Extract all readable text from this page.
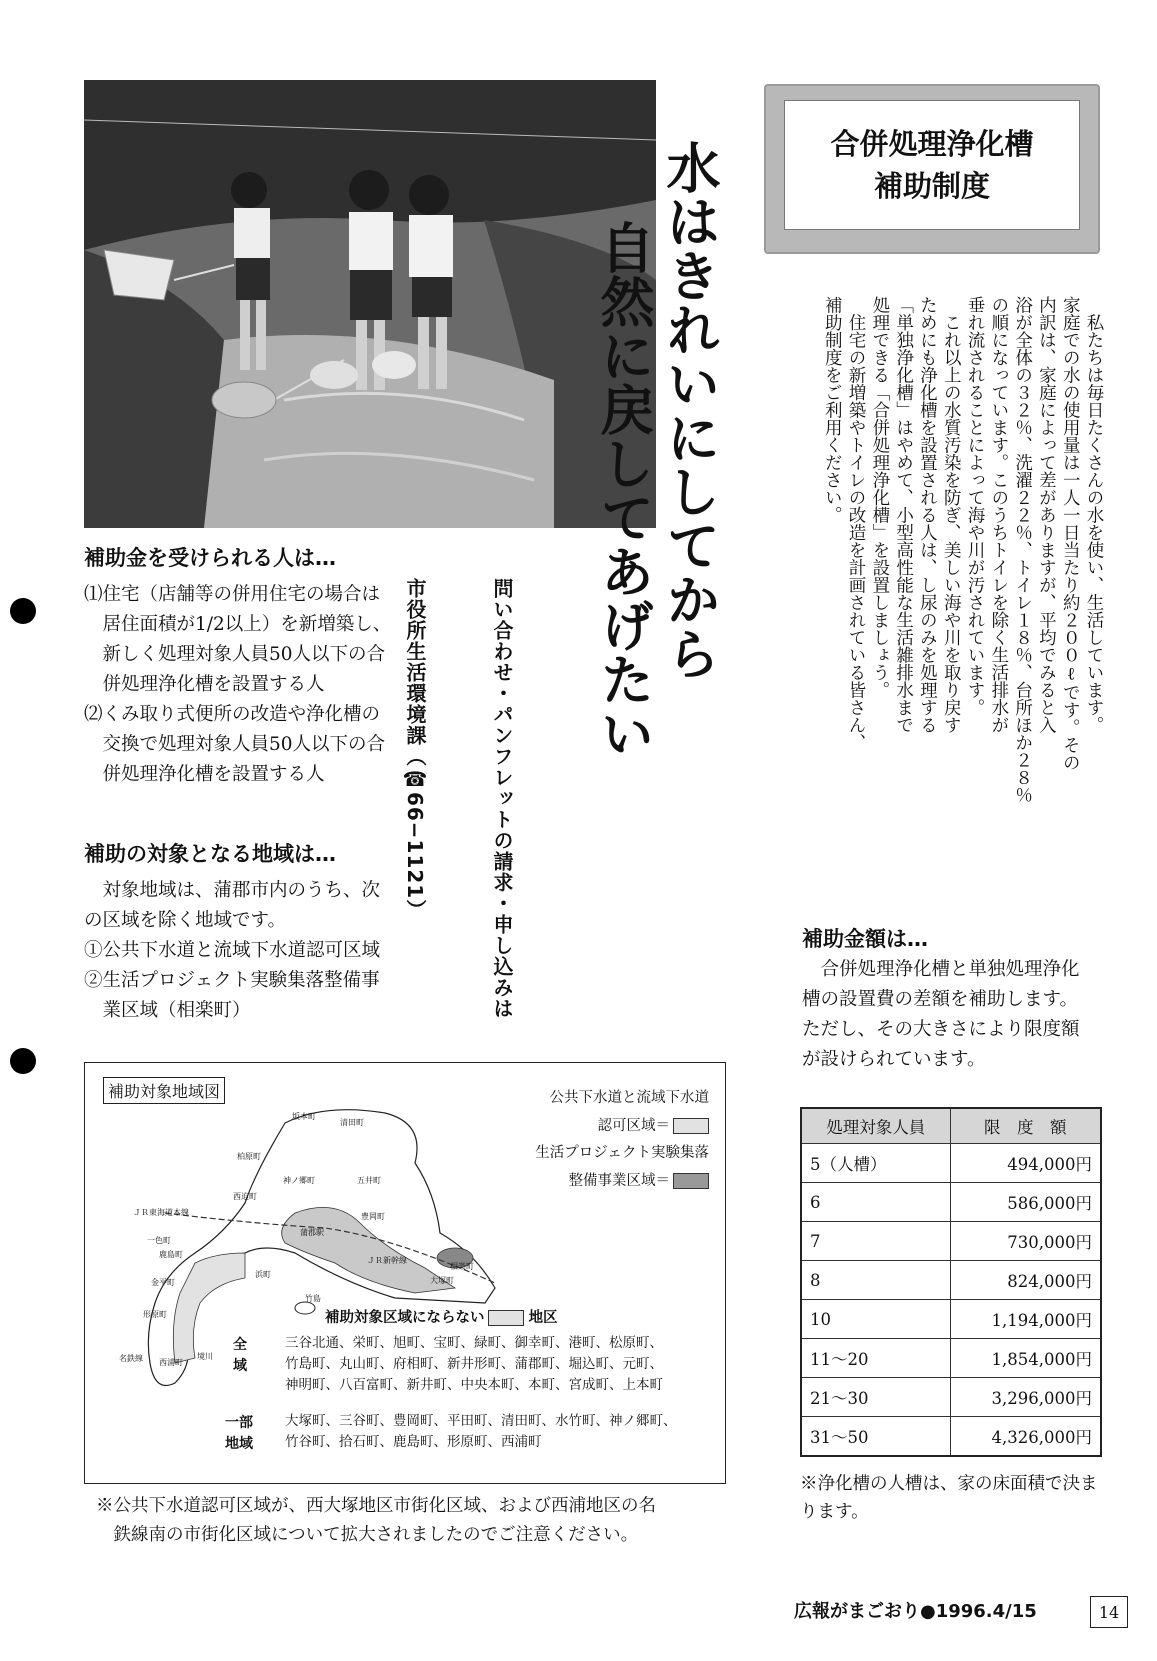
水はきれいにしてから
自然に戻してあげたい

問い合わせ・パンフレットの請求・申し込みは

市役所生活環境課（☎66−1121）

合併処理浄化槽
補助制度
　私たちは毎日たくさんの水を使い、生活しています。
家庭での水の使用量は一人一日当たり約２００ℓです。その
内訳は、家庭によって差がありますが、平均でみると入
浴が全体の３２％、洗濯２２％、トイレ１８％、台所ほか２８％
の順になっています。このうちトイレを除く生活排水が
垂れ流されることによって海や川が汚されています。
　これ以上の水質汚染を防ぎ、美しい海や川を取り戻す
ためにも浄化槽を設置される人は、し尿のみを処理する
「単独浄化槽」はやめて、小型高性能な生活雑排水まで
処理できる「合併処理浄化槽」を設置しましょう。
　住宅の新増築やトイレの改造を計画されている皆さん、
補助制度をご利用ください。
補助金を受けられる人は…
⑴住宅（店舗等の併用住宅の場合は
　居住面積が1/2以上）を新増築し、
　新しく処理対象人員50人以下の合
　併処理浄化槽を設置する人
⑵くみ取り式便所の改造や浄化槽の
　交換で処理対象人員50人以下の合
　併処理浄化槽を設置する人
補助の対象となる地域は…
　対象地域は、蒲郡市内のうち、次
の区域を除く地域です。
①公共下水道と流域下水道認可区域
②生活プロジェクト実験集落整備事
　業区域（相楽町）
補助金額は…
　合併処理浄化槽と単独処理浄化
槽の設置費の差額を補助します。
ただし、その大きさにより限度額
が設けられています。
処理対象人員	限　度　額
5（人槽）	494,000円
6	586,000円
7	730,000円
8	824,000円
10	1,194,000円
11〜20	1,854,000円
21〜30	3,296,000円
31〜50	4,326,000円
※浄化槽の人槽は、家の床面積で決まります。
補助対象地域図	公共下水道と流域下水道
認可区域＝
生活プロジェクト実験集落
整備事業区域＝
坂本町
清田町
柏原町
神ノ郷町	五井町
西迫町
ＪＲ東海道本線	豊岡町
蒲郡駅
一色町
鹿島町
浜町
ＪＲ新幹線
相楽町
大塚町
金平町
竹島
形原町
名鉄線 西浦町
境川
補助対象区域にならない	地区
全
域
三谷北通、栄町、旭町、宝町、緑町、御幸町、港町、松原町、
竹島町、丸山町、府相町、新井形町、蒲郡町、堀込町、元町、
神明町、八百富町、新井町、中央本町、本町、宮成町、上本町
一部
地域
大塚町、三谷町、豊岡町、平田町、清田町、水竹町、神ノ郷町、
竹谷町、拾石町、鹿島町、形原町、西浦町
※公共下水道認可区域が、西大塚地区市街化区域、および西浦地区の名
　鉄線南の市街化区域について拡大されましたのでご注意ください。
広報がまごおり●1996.4/15	14
